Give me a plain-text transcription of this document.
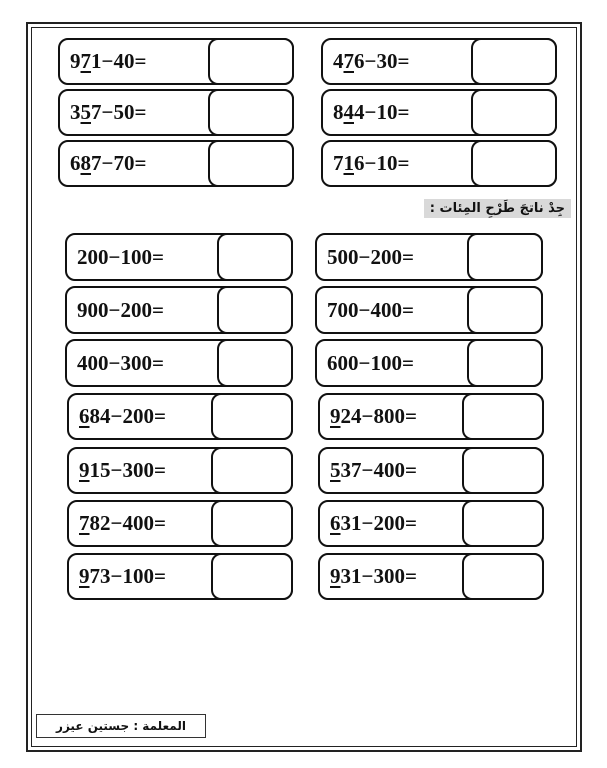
9 7 1 − 40 =	4 7 6 − 30 =
3 5 7 − 50 =	8 4 4 − 10 =
6 8 7 − 70 =	7 1 6 − 10 =
جِدْ ناتجَ طَرْحِ المِئات :
200 − 100 =	500 − 200 =
900 − 200 =	700 − 400 =
400 − 300 =	600 − 100 =
6 84 − 200 =	9 24 − 800 =
9 15 − 300 =	5 37 − 400 =
7 82 − 400 =	6 31 − 200 =
9 73 − 100 =	9 31 − 300 =
المعلمة : جستين عيزر
